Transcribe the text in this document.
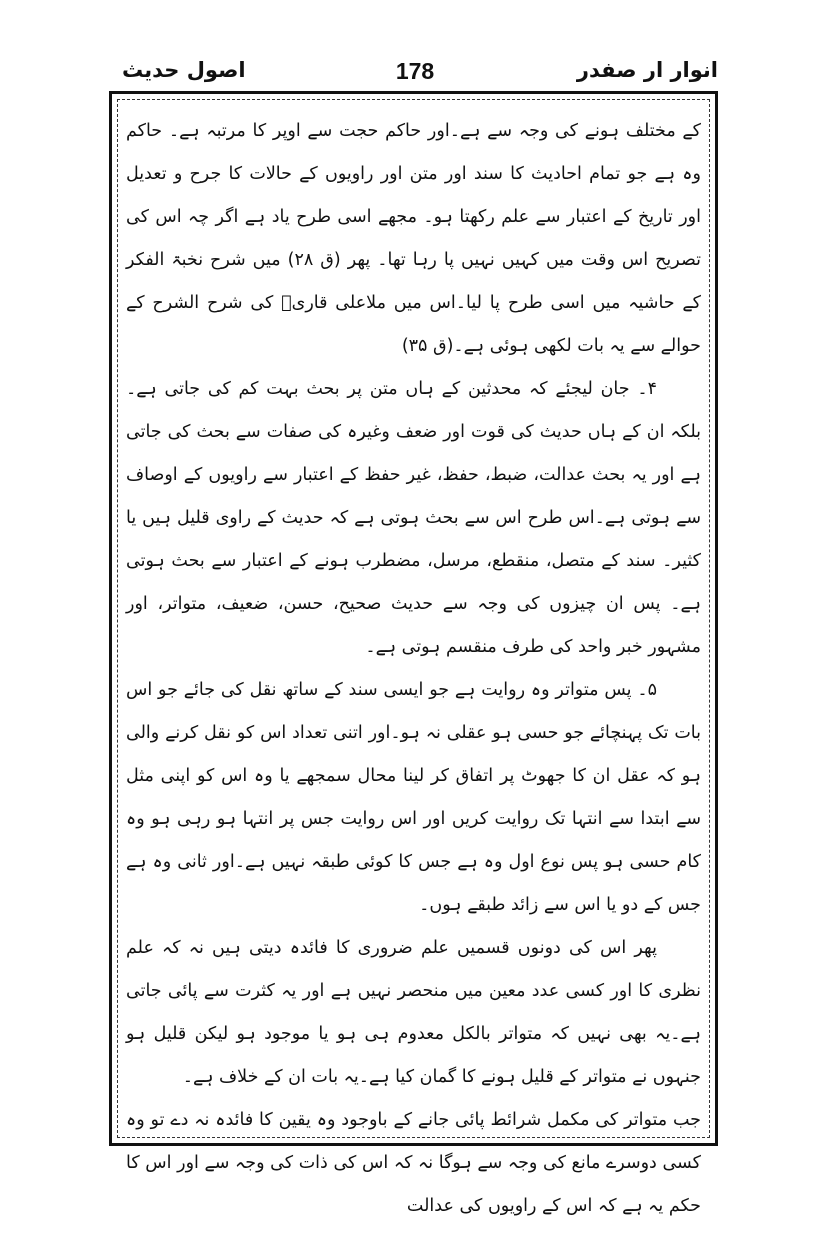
انوار ار صفدر
178
اصول حدیث

کے مختلف ہونے کی وجہ سے ہے۔اور حاکم حجت سے اوپر کا مرتبہ ہے۔ حاکم وہ ہے جو تمام احادیث کا سند اور متن اور راویوں کے حالات کا جرح و تعدیل اور تاریخ کے اعتبار سے علم رکھتا ہو۔ مجھے اسی طرح یاد ہے اگر چہ اس کی تصریح اس وقت میں کہیں نہیں پا رہا تھا۔ پھر (ق ۲۸) میں شرح نخبۃ الفکر کے حاشیہ میں اسی طرح پا لیا۔اس میں ملاعلی قاریؒ کی شرح الشرح کے حوالے سے یہ بات لکھی ہوئی ہے۔(ق ۳۵)

۴۔ جان لیجئے کہ محدثین کے ہاں متن پر بحث بہت کم کی جاتی ہے۔ بلکہ ان کے ہاں حدیث کی قوت اور ضعف وغیرہ کی صفات سے بحث کی جاتی ہے اور یہ بحث عدالت، ضبط، حفظ، غیر حفظ کے اعتبار سے راویوں کے اوصاف سے ہوتی ہے۔اس طرح اس سے بحث ہوتی ہے کہ حدیث کے راوی قلیل ہیں یا کثیر۔ سند کے متصل، منقطع، مرسل، مضطرب ہونے کے اعتبار سے بحث ہوتی ہے۔ پس ان چیزوں کی وجہ سے حدیث صحیح، حسن، ضعیف، متواتر، اور مشہور خبر واحد کی طرف منقسم ہوتی ہے۔

۵۔ پس متواتر وہ روایت ہے جو ایسی سند کے ساتھ نقل کی جائے جو اس بات تک پہنچائے جو حسی ہو عقلی نہ ہو۔اور اتنی تعداد اس کو نقل کرنے والی ہو کہ عقل ان کا جھوٹ پر اتفاق کر لینا محال سمجھے یا وہ اس کو اپنی مثل سے ابتدا سے انتہا تک روایت کریں اور اس روایت جس پر انتہا ہو رہی ہو وہ کام حسی ہو پس نوع اول وہ ہے جس کا کوئی طبقہ نہیں ہے۔اور ثانی وہ ہے جس کے دو یا اس سے زائد طبقے ہوں۔

پھر اس کی دونوں قسمیں علم ضروری کا فائدہ دیتی ہیں نہ کہ علم نظری کا اور کسی عدد معین میں منحصر نہیں ہے اور یہ کثرت سے پائی جاتی ہے۔یہ بھی نہیں کہ متواتر بالکل معدوم ہی ہو یا موجود ہو لیکن قلیل ہو جنہوں نے متواتر کے قلیل ہونے کا گمان کیا ہے۔یہ بات ان کے خلاف ہے۔

جب متواتر کی مکمل شرائط پائی جانے کے باوجود وہ یقین کا فائدہ نہ دے تو وہ کسی دوسرے مانع کی وجہ سے ہوگا نہ کہ اس کی ذات کی وجہ سے اور اس کا حکم یہ ہے کہ اس کے راویوں کی عدالت
